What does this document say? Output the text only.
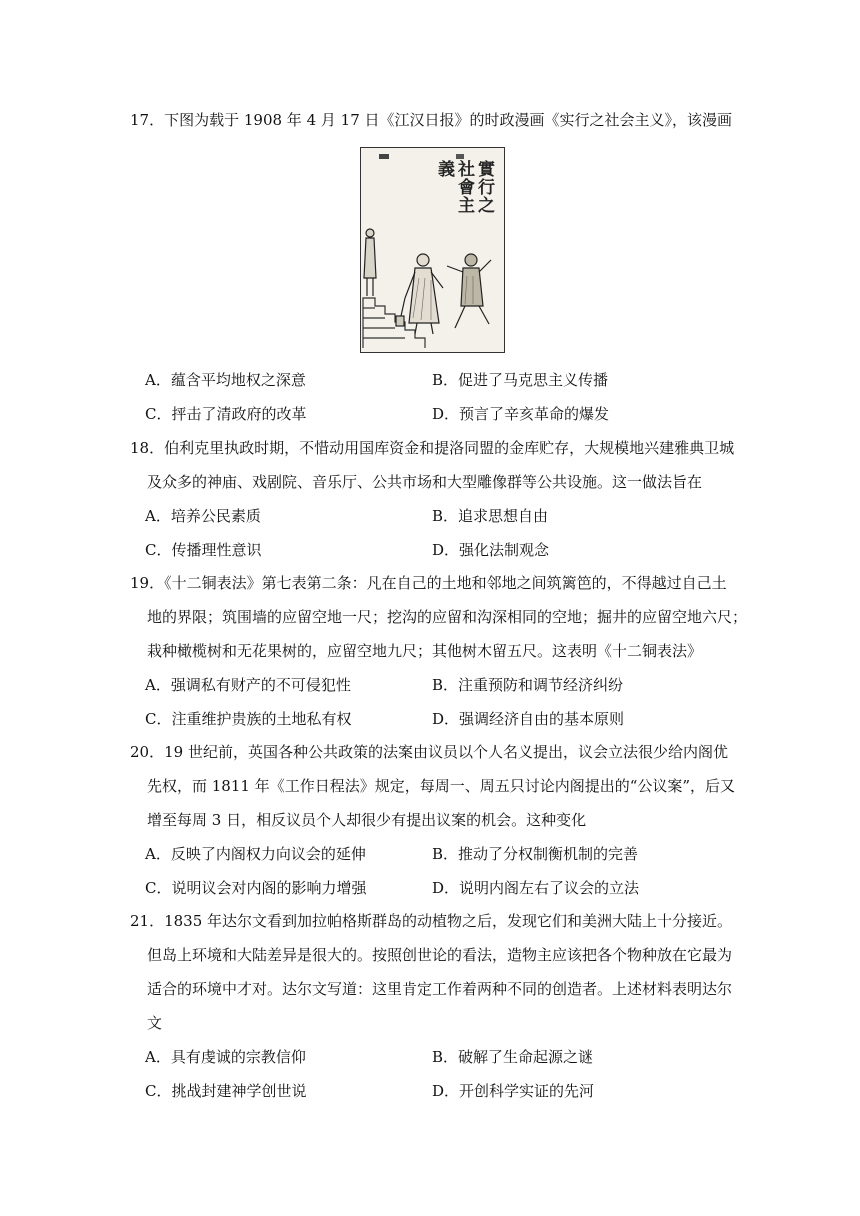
17．下图为载于 1908 年 4 月 17 日《江汉日报》的时政漫画《实行之社会主义》，该漫画
實行之社會主義
A．蕴含平均地权之深意	B．促进了马克思主义传播
C．抨击了清政府的改革	D．预言了辛亥革命的爆发
18．伯利克里执政时期，不惜动用国库资金和提洛同盟的金库贮存，大规模地兴建雅典卫城
及众多的神庙、戏剧院、音乐厅、公共市场和大型雕像群等公共设施。这一做法旨在
A．培养公民素质	B．追求思想自由
C．传播理性意识	D．强化法制观念
19．《十二铜表法》第七表第二条：凡在自己的土地和邻地之间筑篱笆的，不得越过自己土
地的界限；筑围墙的应留空地一尺；挖沟的应留和沟深相同的空地；掘井的应留空地六尺；
栽种橄榄树和无花果树的，应留空地九尺；其他树木留五尺。这表明《十二铜表法》
A．强调私有财产的不可侵犯性	B．注重预防和调节经济纠纷
C．注重维护贵族的土地私有权	D．强调经济自由的基本原则
20．19 世纪前，英国各种公共政策的法案由议员以个人名义提出，议会立法很少给内阁优
先权，而 1811 年《工作日程法》规定，每周一、周五只讨论内阁提出的“公议案”，后又
增至每周 3 日，相反议员个人却很少有提出议案的机会。这种变化
A．反映了内阁权力向议会的延伸	B．推动了分权制衡机制的完善
C．说明议会对内阁的影响力增强	D．说明内阁左右了议会的立法
21．1835 年达尔文看到加拉帕格斯群岛的动植物之后，发现它们和美洲大陆上十分接近。
但岛上环境和大陆差异是很大的。按照创世论的看法，造物主应该把各个物种放在它最为
适合的环境中才对。达尔文写道：这里肯定工作着两种不同的创造者。上述材料表明达尔
文
A．具有虔诚的宗教信仰	B．破解了生命起源之谜
C．挑战封建神学创世说	D．开创科学实证的先河
